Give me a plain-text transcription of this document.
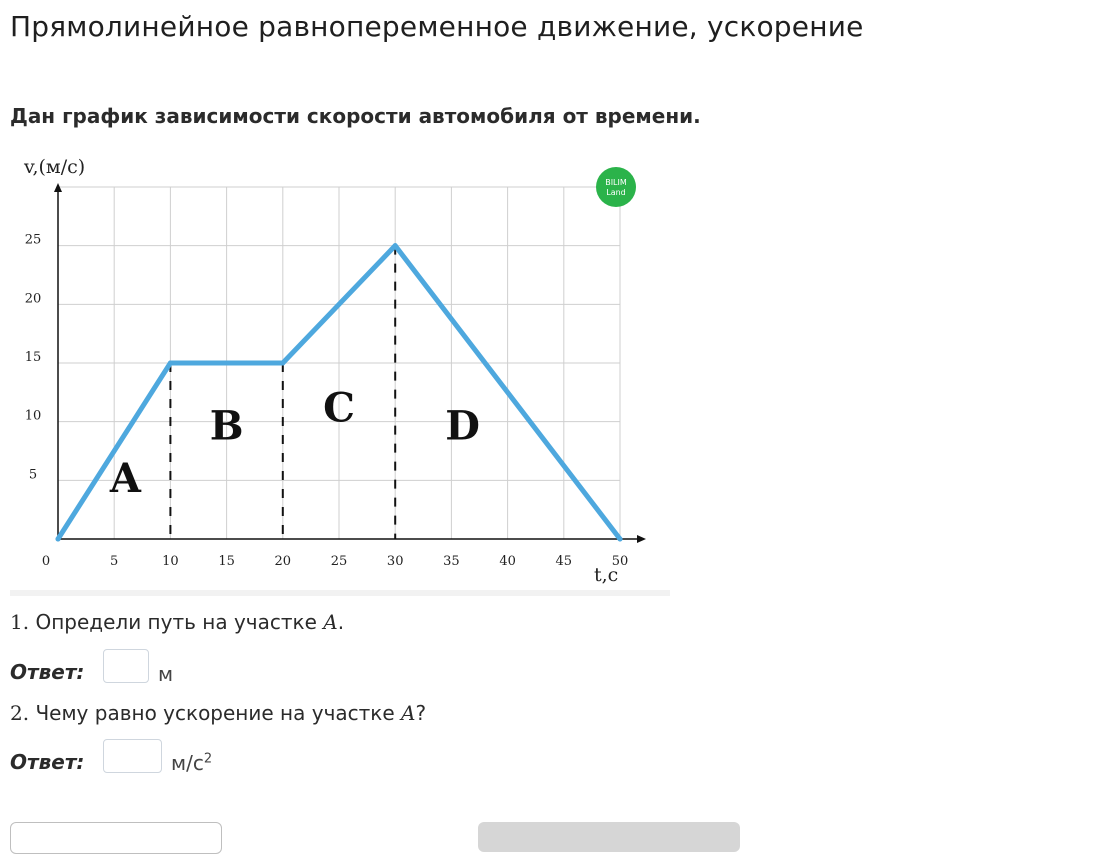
Прямолинейное равнопеременное движение, ускорение
Дан график зависимости скорости автомобиля от времени.
0	5	10	15	20	25	30	35	40	45	50
5
10
15
20
25
v,(м/с)
t,с
A
B C D
BILIM
Land
1. Определи путь на участке A.
Ответ:	м
2. Чему равно ускорение на участке A?
Ответ:	$м/с^2$
